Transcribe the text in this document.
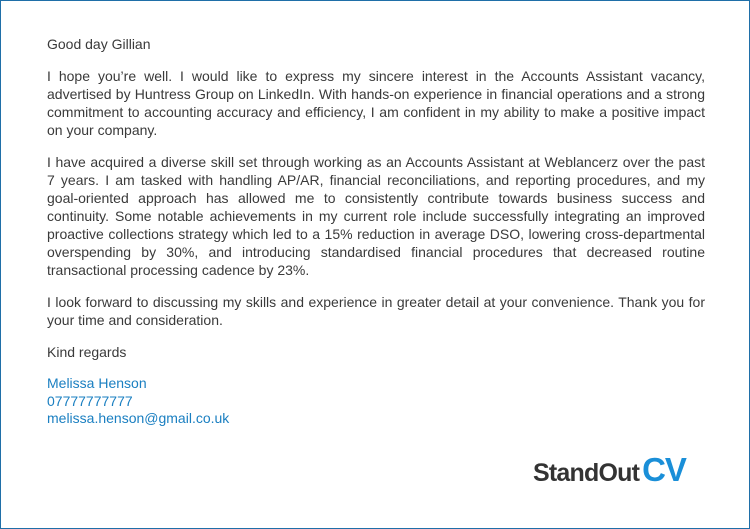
Good day Gillian

I hope you’re well. I would like to express my sincere interest in the Accounts Assistant vacancy, advertised by Huntress Group on LinkedIn. With hands-on experience in financial operations and a strong commitment to accounting accuracy and efficiency, I am confident in my ability to make a positive impact on your company.

I have acquired a diverse skill set through working as an Accounts Assistant at Weblancerz over the past 7 years. I am tasked with handling AP/AR, financial reconciliations, and reporting procedures, and my goal-oriented approach has allowed me to consistently contribute towards business success and continuity. Some notable achievements in my current role include successfully integrating an improved proactive collections strategy which led to a 15% reduction in average DSO, lowering cross-departmental overspending by 30%, and introducing standardised financial procedures that decreased routine transactional processing cadence by 23%.

I look forward to discussing my skills and experience in greater detail at your convenience. Thank you for your time and consideration.

Kind regards

Melissa Henson
07777777777
melissa.henson@gmail.co.uk
StandOutCV
